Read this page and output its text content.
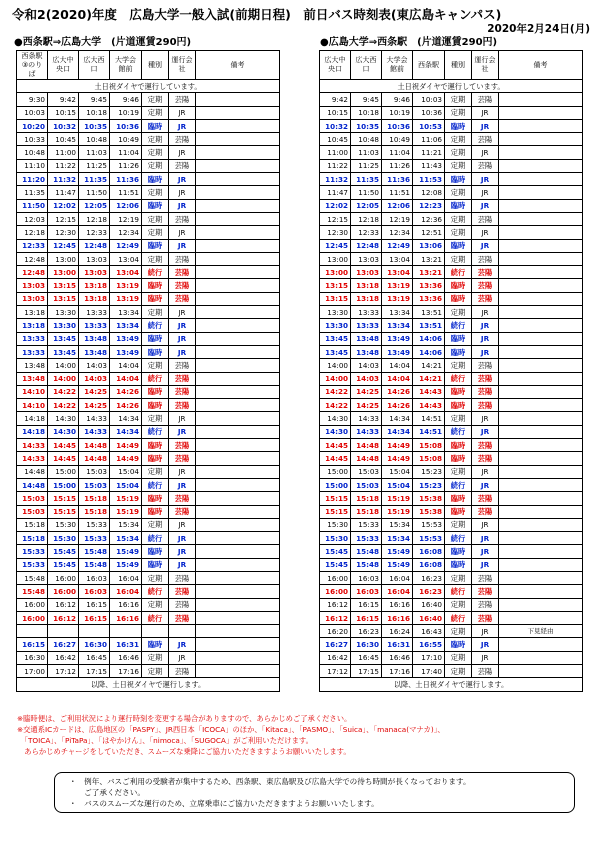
令和2(2020)年度　広島大学一般入試(前期日程)　前日バス時刻表(東広島キャンパス)
2020年2月24日(月)
●西条駅⇒広島大学　(片道運賃290円)	●広島大学⇒西条駅　(片道運賃290円)
西条駅③のりば	広大中央口	広大西口	大学会館前	種別	運行会社	備考
土日祝ダイヤで運行しています。						
9:30	9:42	9:45	9:46	定期	芸陽	
10:03	10:15	10:18	10:19	定期	JR	
10:20	10:32	10:35	10:36	臨時	JR	
10:33	10:45	10:48	10:49	定期	芸陽	
10:48	11:00	11:03	11:04	定期	JR	
11:10	11:22	11:25	11:26	定期	芸陽	
11:20	11:32	11:35	11:36	臨時	JR	
11:35	11:47	11:50	11:51	定期	JR	
11:50	12:02	12:05	12:06	臨時	JR	
12:03	12:15	12:18	12:19	定期	芸陽	
12:18	12:30	12:33	12:34	定期	JR	
12:33	12:45	12:48	12:49	臨時	JR	
12:48	13:00	13:03	13:04	定期	芸陽	
12:48	13:00	13:03	13:04	続行	芸陽	
13:03	13:15	13:18	13:19	臨時	芸陽	
13:03	13:15	13:18	13:19	臨時	芸陽	
13:18	13:30	13:33	13:34	定期	JR	
13:18	13:30	13:33	13:34	続行	JR	
13:33	13:45	13:48	13:49	臨時	JR	
13:33	13:45	13:48	13:49	臨時	JR	
13:48	14:00	14:03	14:04	定期	芸陽	
13:48	14:00	14:03	14:04	続行	芸陽	
14:10	14:22	14:25	14:26	臨時	芸陽	
14:10	14:22	14:25	14:26	臨時	芸陽	
14:18	14:30	14:33	14:34	定期	JR	
14:18	14:30	14:33	14:34	続行	JR	
14:33	14:45	14:48	14:49	臨時	芸陽	
14:33	14:45	14:48	14:49	臨時	芸陽	
14:48	15:00	15:03	15:04	定期	JR	
14:48	15:00	15:03	15:04	続行	JR	
15:03	15:15	15:18	15:19	臨時	芸陽	
15:03	15:15	15:18	15:19	臨時	芸陽	
15:18	15:30	15:33	15:34	定期	JR	
15:18	15:30	15:33	15:34	続行	JR	
15:33	15:45	15:48	15:49	臨時	JR	
15:33	15:45	15:48	15:49	臨時	JR	
15:48	16:00	16:03	16:04	定期	芸陽	
15:48	16:00	16:03	16:04	続行	芸陽	
16:00	16:12	16:15	16:16	定期	芸陽	
16:00	16:12	16:15	16:16	続行	芸陽	

16:15	16:27	16:30	16:31	臨時	JR	
16:30	16:42	16:45	16:46	定期	JR	
17:00	17:12	17:15	17:16	定期	芸陽	
以降、土日祝ダイヤで運行します。						
広大中央口	広大西口	大学会館前	西条駅	種別	運行会社	備考
土日祝ダイヤで運行しています。						
9:42	9:45	9:46	10:03	定期	芸陽	
10:15	10:18	10:19	10:36	定期	JR	
10:32	10:35	10:36	10:53	臨時	JR	
10:45	10:48	10:49	11:06	定期	芸陽	
11:00	11:03	11:04	11:21	定期	JR	
11:22	11:25	11:26	11:43	定期	芸陽	
11:32	11:35	11:36	11:53	臨時	JR	
11:47	11:50	11:51	12:08	定期	JR	
12:02	12:05	12:06	12:23	臨時	JR	
12:15	12:18	12:19	12:36	定期	芸陽	
12:30	12:33	12:34	12:51	定期	JR	
12:45	12:48	12:49	13:06	臨時	JR	
13:00	13:03	13:04	13:21	定期	芸陽	
13:00	13:03	13:04	13:21	続行	芸陽	
13:15	13:18	13:19	13:36	臨時	芸陽	
13:15	13:18	13:19	13:36	臨時	芸陽	
13:30	13:33	13:34	13:51	定期	JR	
13:30	13:33	13:34	13:51	続行	JR	
13:45	13:48	13:49	14:06	臨時	JR	
13:45	13:48	13:49	14:06	臨時	JR	
14:00	14:03	14:04	14:21	定期	芸陽	
14:00	14:03	14:04	14:21	続行	芸陽	
14:22	14:25	14:26	14:43	臨時	芸陽	
14:22	14:25	14:26	14:43	臨時	芸陽	
14:30	14:33	14:34	14:51	定期	JR	
14:30	14:33	14:34	14:51	続行	JR	
14:45	14:48	14:49	15:08	臨時	芸陽	
14:45	14:48	14:49	15:08	臨時	芸陽	
15:00	15:03	15:04	15:23	定期	JR	
15:00	15:03	15:04	15:23	続行	JR	
15:15	15:18	15:19	15:38	臨時	芸陽	
15:15	15:18	15:19	15:38	臨時	芸陽	
15:30	15:33	15:34	15:53	定期	JR	
15:30	15:33	15:34	15:53	続行	JR	
15:45	15:48	15:49	16:08	臨時	JR	
15:45	15:48	15:49	16:08	臨時	JR	
16:00	16:03	16:04	16:23	定期	芸陽	
16:00	16:03	16:04	16:23	続行	芸陽	
16:12	16:15	16:16	16:40	定期	芸陽	
16:12	16:15	16:16	16:40	続行	芸陽	
16:20	16:23	16:24	16:43	定期	JR	下見経由
16:27	16:30	16:31	16:55	臨時	JR	
16:42	16:45	16:46	17:10	定期	JR	
17:12	17:15	17:16	17:40	定期	芸陽	
以降、土日祝ダイヤで運行します。						
※臨時便は、ご利用状況により運行時刻を変更する場合がありますので、あらかじめご了承ください。
※交通系ICカードは、広島地区の「PASPY」、JR西日本「ICOCA」のほか、「Kitaca」、「PASMO」、「Suica」、「manaca(マナカ)」、
　「TOICA」、「PiTaPa」、「はやかけん」、「nimoca」、「SUGOCA」がご利用いただけます。
　あらかじめチャージをしていただき、スムーズな乗降にご協力いただきますようお願いいたします。
・　例年、バスご利用の受験者が集中するため、西条駅、東広島駅及び広島大学での待ち時間が長くなっております。
　　ご了承ください。
・　バスのスムーズな運行のため、立席乗車にご協力いただきますようお願いいたします。
